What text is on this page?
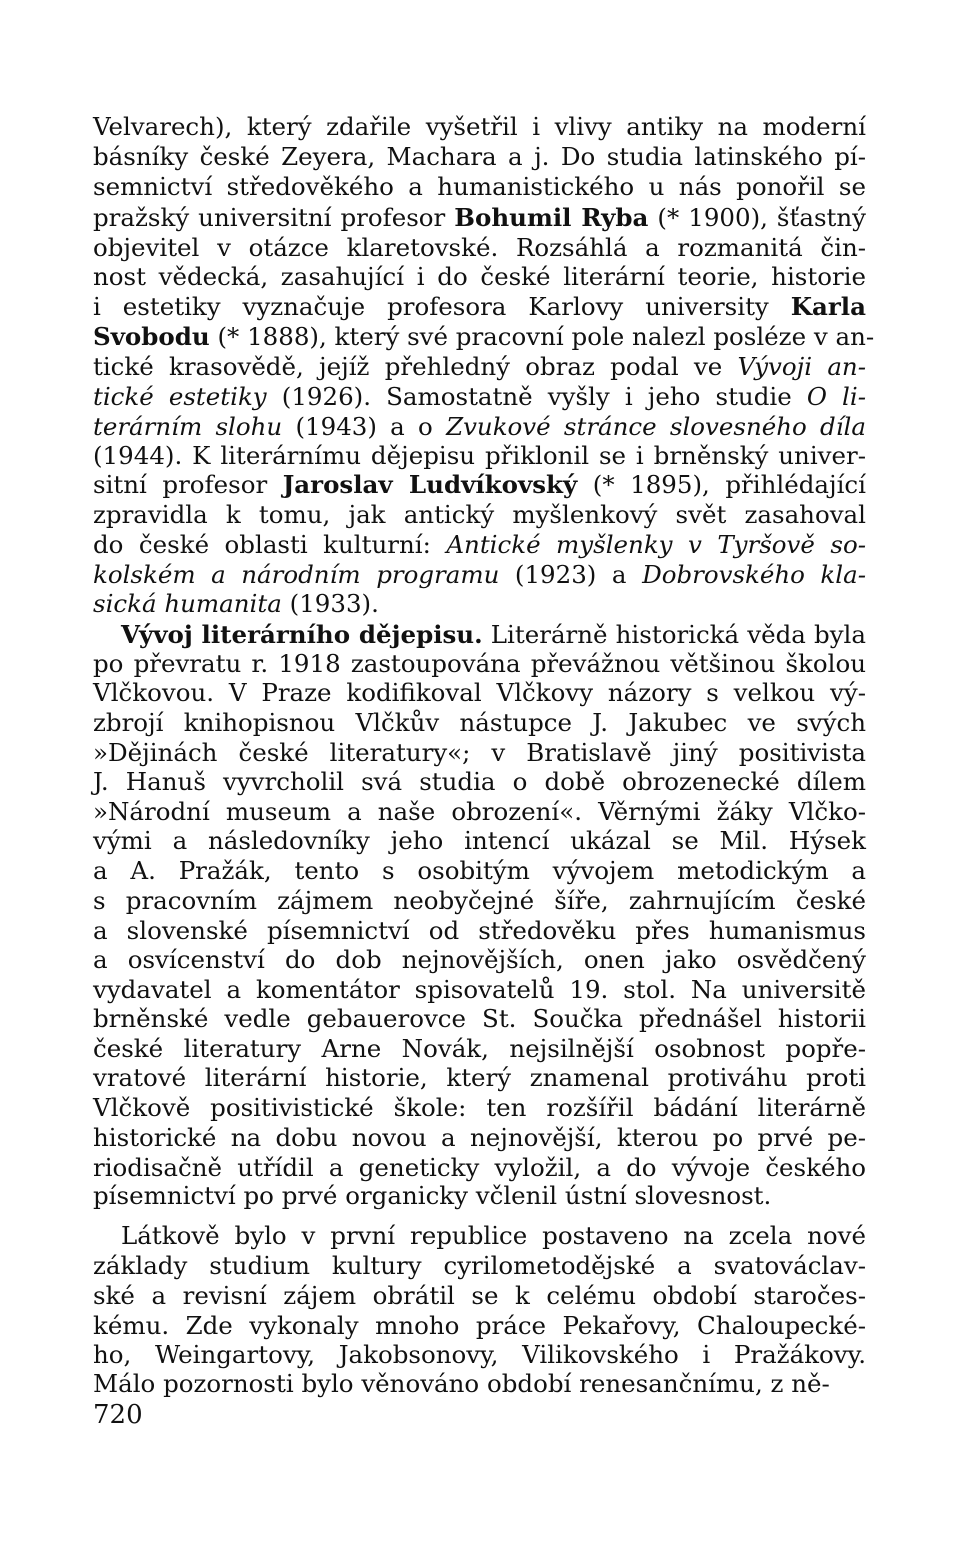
Velvarech), který zdařile vyšetřil i vlivy antiky na moderní
básníky české Zeyera, Machara a j. Do studia latinského pí-
semnictví středověkého a humanistického u nás ponořil se
pražský universitní profesor Bohumil Ryba (* 1900), šťastný
objevitel v otázce klaretovské. Rozsáhlá a rozmanitá čin-
nost vědecká, zasahující i do české literární teorie, historie
i estetiky vyznačuje profesora Karlovy university Karla
Svobodu (* 1888), který své pracovní pole nalezl posléze v an-
tické krasovědě, jejíž přehledný obraz podal ve Vývoji an-
tické estetiky (1926). Samostatně vyšly i jeho studie O li-
terárním slohu (1943) a o Zvukové stránce slovesného díla
(1944). K literárnímu dějepisu přiklonil se i brněnský univer-
sitní profesor Jaroslav Ludvíkovský (* 1895), přihlédající
zpravidla k tomu, jak antický myšlenkový svět zasahoval
do české oblasti kulturní: Antické myšlenky v Tyršově so-
kolském a národním programu (1923) a Dobrovského kla-
sická humanita (1933).
Vývoj literárního dějepisu. Literárně historická věda byla
po převratu r. 1918 zastoupována převážnou většinou školou
Vlčkovou. V Praze kodifikoval Vlčkovy názory s velkou vý-
zbrojí knihopisnou Vlčkův nástupce J. Jakubec ve svých
»Dějinách české literatury«; v Bratislavě jiný positivista
J. Hanuš vyvrcholil svá studia o době obrozenecké dílem
»Národní museum a naše obrození«. Věrnými žáky Vlčko-
vými a následovníky jeho intencí ukázal se Mil. Hýsek
a A. Pražák, tento s osobitým vývojem metodickým a
s pracovním zájmem neobyčejné šíře, zahrnujícím české
a slovenské písemnictví od středověku přes humanismus
a osvícenství do dob nejnovějších, onen jako osvědčený
vydavatel a komentátor spisovatelů 19. stol. Na universitě
brněnské vedle gebauerovce St. Součka přednášel historii
české literatury Arne Novák, nejsilnější osobnost popře-
vratové literární historie, který znamenal protiváhu proti
Vlčkově positivistické škole: ten rozšířil bádání literárně
historické na dobu novou a nejnovější, kterou po prvé pe-
riodisačně utřídil a geneticky vyložil, a do vývoje českého
písemnictví po prvé organicky včlenil ústní slovesnost.
Látkově bylo v první republice postaveno na zcela nové
základy studium kultury cyrilometodějské a svatováclav-
ské a revisní zájem obrátil se k celému období staročes-
kému. Zde vykonaly mnoho práce Pekařovy, Chaloupecké-
ho, Weingartovy, Jakobsonovy, Vilikovského i Pražákovy.
Málo pozornosti bylo věnováno období renesančnímu, z ně-
720
